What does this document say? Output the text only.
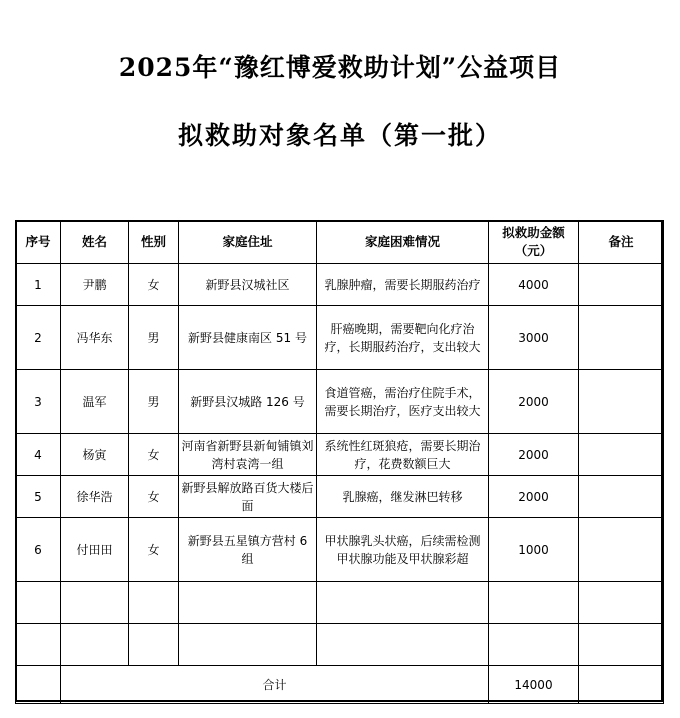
2025年“豫红博爱救助计划”公益项目
拟救助对象名单（第一批）
序号	姓名	性别	家庭住址	家庭困难情况	拟救助金额（元）	备注
1	尹鹏	女	新野县汉城社区	乳腺肿瘤，需要长期服药治疗	4000	
2	冯华东	男	新野县健康南区 51 号	肝癌晚期，需要靶向化疗治疗，长期服药治疗，支出较大	3000	
3	温军	男	新野县汉城路 126 号	食道管癌，需治疗住院手术，需要长期治疗，医疗支出较大	2000	
4	杨寅	女	河南省新野县新甸铺镇刘湾村袁湾一组	系统性红斑狼疮，需要长期治疗，花费数额巨大	2000	
5	徐华浩	女	新野县解放路百货大楼后面	乳腺癌，继发淋巴转移	2000	
6	付田田	女	新野县五星镇方营村 6 组	甲状腺乳头状癌，后续需检测甲状腺功能及甲状腺彩超	1000	

	合计				14000	
